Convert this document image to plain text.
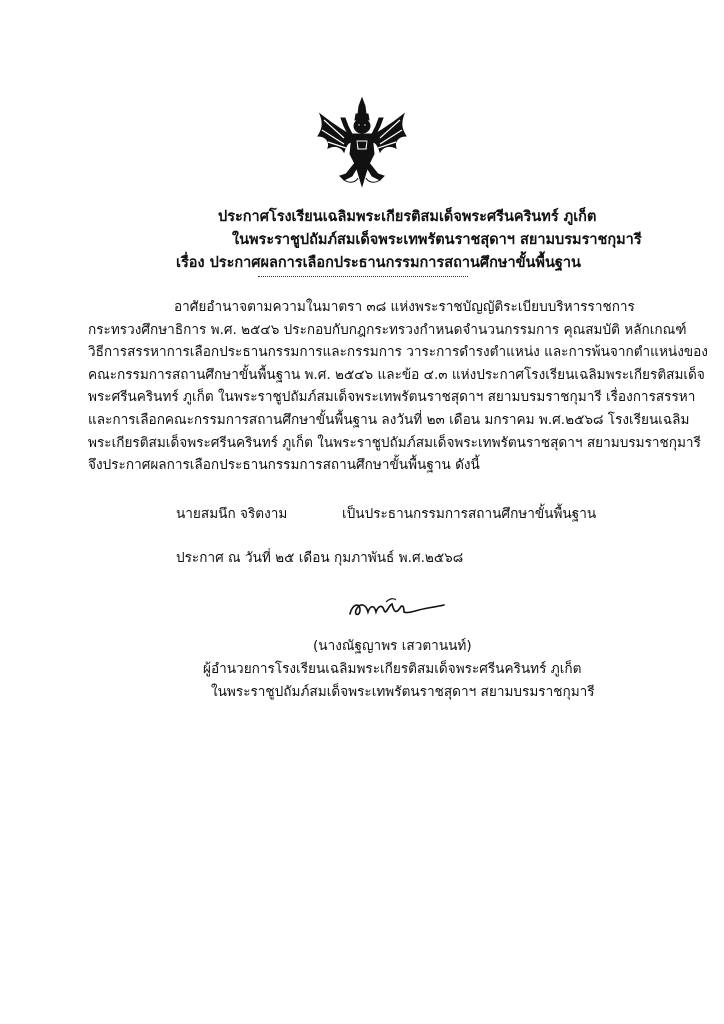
ประกาศโรงเรียนเฉลิมพระเกียรติสมเด็จพระศรีนครินทร์ ภูเก็ต
ในพระราชูปถัมภ์สมเด็จพระเทพรัตนราชสุดาฯ สยามบรมราชกุมารี
เรื่อง ประกาศผลการเลือกประธานกรรมการสถานศึกษาขั้นพื้นฐาน
อาศัยอำนาจตามความในมาตรา ๓๘ แห่งพระราชบัญญัติระเบียบบริหารราชการ
กระทรวงศึกษาธิการ พ.ศ. ๒๕๔๖ ประกอบกับกฎกระทรวงกำหนดจำนวนกรรมการ คุณสมบัติ หลักเกณฑ์
วิธีการสรรหาการเลือกประธานกรรมการและกรรมการ วาระการดำรงตำแหน่ง และการพ้นจากตำแหน่งของ
คณะกรรมการสถานศึกษาขั้นพื้นฐาน พ.ศ. ๒๕๔๖ และข้อ ๔.๓ แห่งประกาศโรงเรียนเฉลิมพระเกียรติสมเด็จ
พระศรีนครินทร์ ภูเก็ต ในพระราชูปถัมภ์สมเด็จพระเทพรัตนราชสุดาฯ สยามบรมราชกุมารี เรื่องการสรรหา
และการเลือกคณะกรรมการสถานศึกษาขั้นพื้นฐาน ลงวันที่ ๒๓ เดือน มกราคม พ.ศ.๒๕๖๘ โรงเรียนเฉลิม
พระเกียรติสมเด็จพระศรีนครินทร์ ภูเก็ต ในพระราชูปถัมภ์สมเด็จพระเทพรัตนราชสุดาฯ สยามบรมราชกุมารี
จึงประกาศผลการเลือกประธานกรรมการสถานศึกษาขั้นพื้นฐาน ดังนี้
นายสมนึก จริตงาม	เป็นประธานกรรมการสถานศึกษาขั้นพื้นฐาน
ประกาศ ณ วันที่ ๒๕ เดือน กุมภาพันธ์ พ.ศ.๒๕๖๘
(นางณัฐญาพร เสวตานนท์)
ผู้อำนวยการโรงเรียนเฉลิมพระเกียรติสมเด็จพระศรีนครินทร์ ภูเก็ต
ในพระราชูปถัมภ์สมเด็จพระเทพรัตนราชสุดาฯ สยามบรมราชกุมารี
